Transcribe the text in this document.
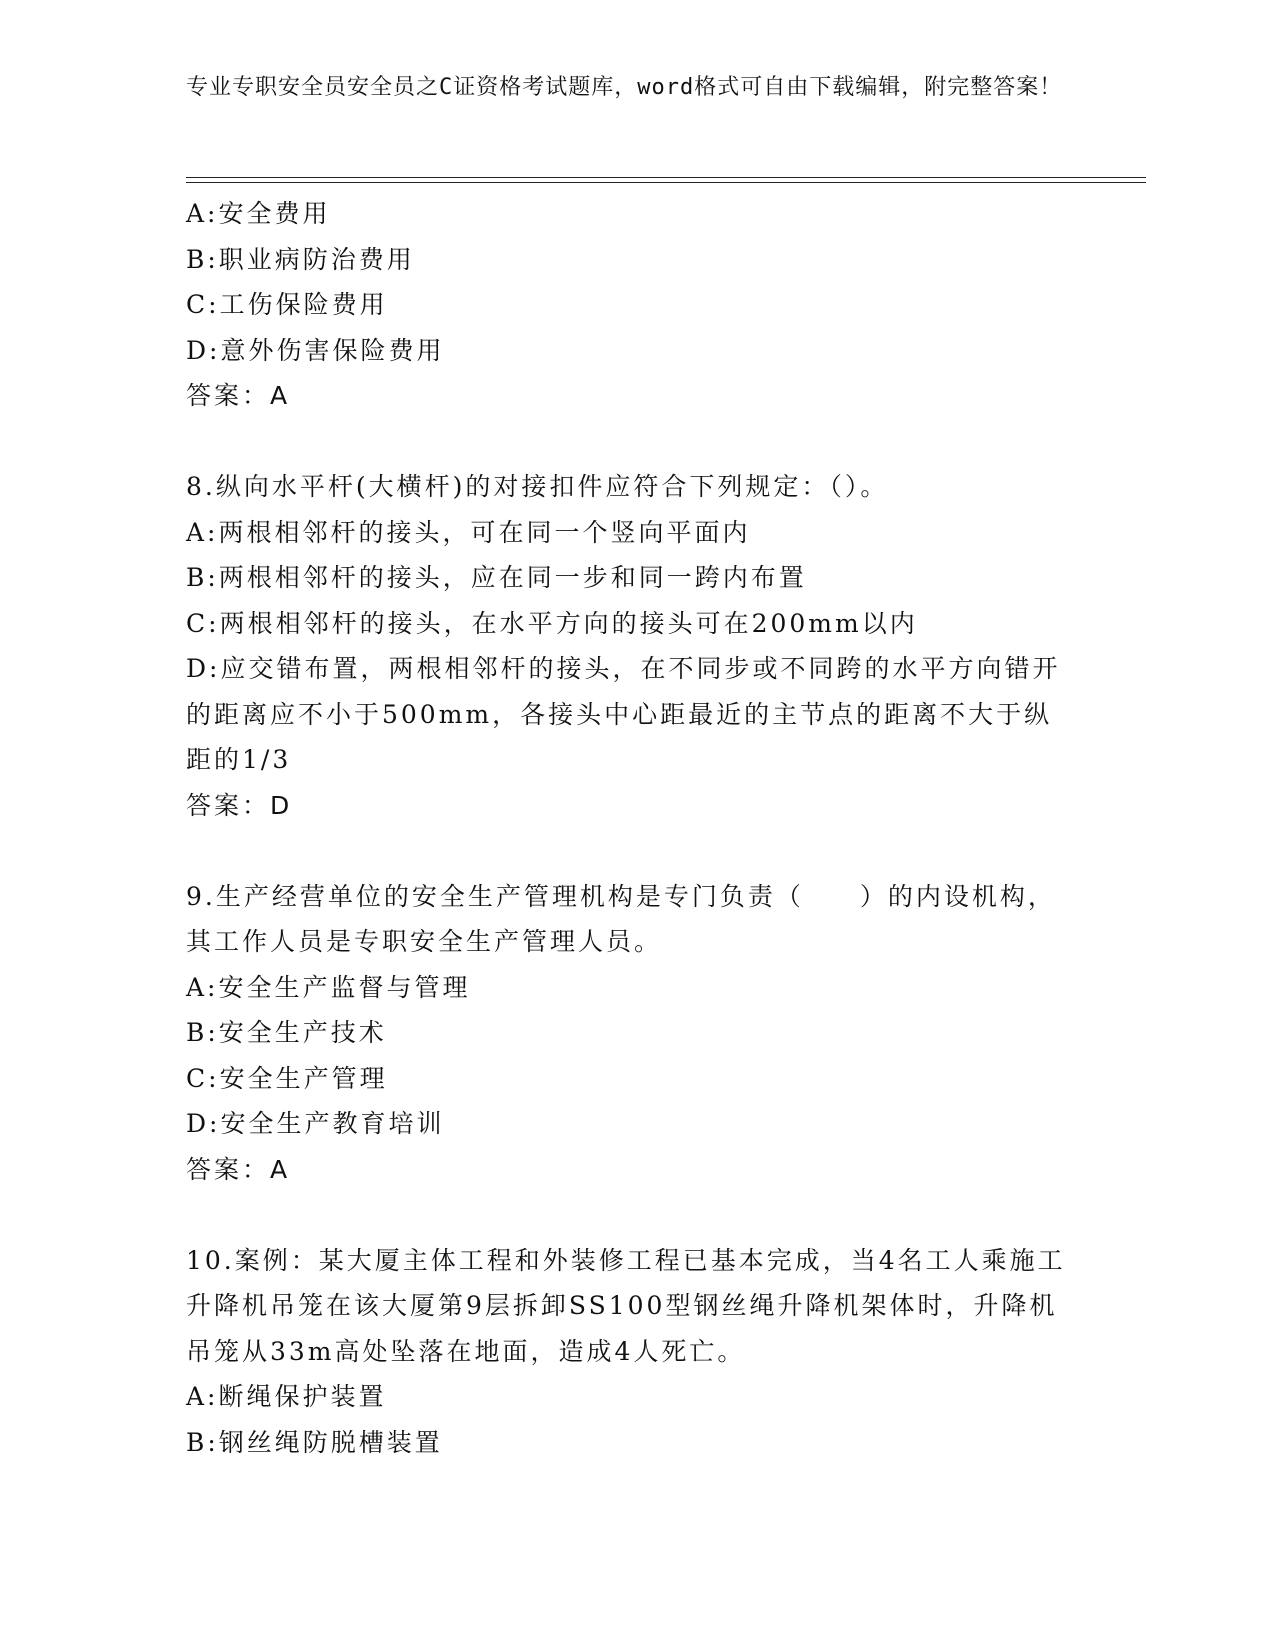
专业专职安全员安全员之C证资格考试题库，word格式可自由下载编辑，附完整答案！

A:安全费用

B:职业病防治费用

C:工伤保险费用

D:意外伤害保险费用

答案：A

8.纵向水平杆(大横杆)的对接扣件应符合下列规定：（）。

A:两根相邻杆的接头，可在同一个竖向平面内

B:两根相邻杆的接头，应在同一步和同一跨内布置

C:两根相邻杆的接头，在水平方向的接头可在200mm以内

D:应交错布置，两根相邻杆的接头，在不同步或不同跨的水平方向错开的距离应不小于500mm，各接头中心距最近的主节点的距离不大于纵距的1/3

答案：D

9.生产经营单位的安全生产管理机构是专门负责（　　）的内设机构，其工作人员是专职安全生产管理人员。

A:安全生产监督与管理

B:安全生产技术

C:安全生产管理

D:安全生产教育培训

答案：A

10.案例：某大厦主体工程和外装修工程已基本完成，当4名工人乘施工升降机吊笼在该大厦第9层拆卸SS100型钢丝绳升降机架体时，升降机吊笼从33m高处坠落在地面，造成4人死亡。

A:断绳保护装置

B:钢丝绳防脱槽装置
